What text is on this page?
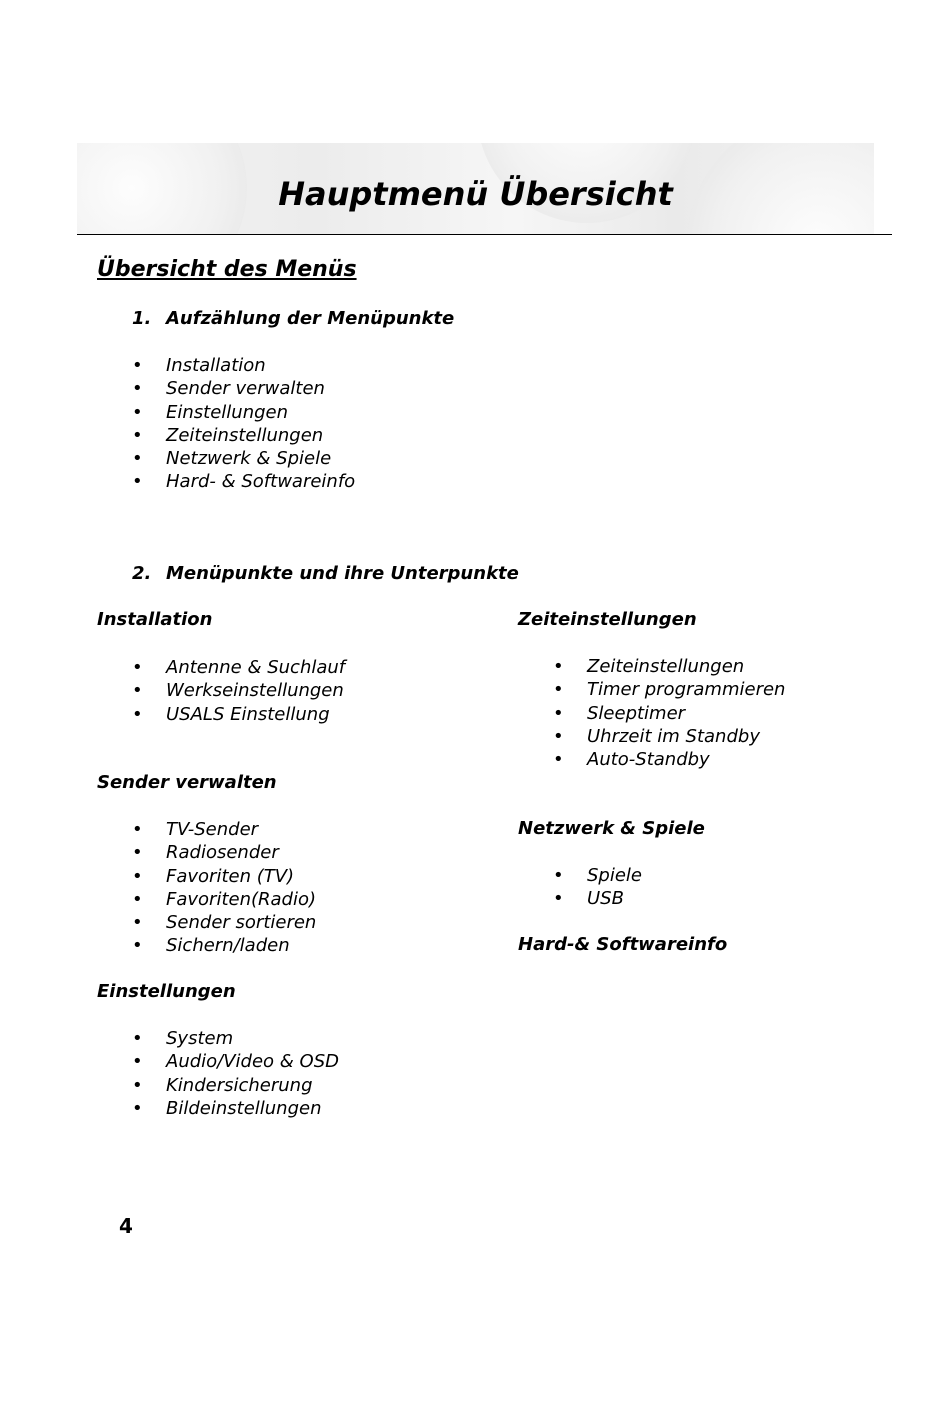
Hauptmenü Übersicht
Übersicht des Menüs
1. Aufzählung der Menüpunkte
• Installation
• Sender verwalten
• Einstellungen
• Zeiteinstellungen
• Netzwerk & Spiele
• Hard- & Softwareinfo
2. Menüpunkte und ihre Unterpunkte
Installation
• Antenne & Suchlauf
• Werkseinstellungen
• USALS Einstellung
Sender verwalten
• TV-Sender
• Radiosender
• Favoriten (TV)
• Favoriten(Radio)
• Sender sortieren
• Sichern/laden
Einstellungen
• System
• Audio/Video & OSD
• Kindersicherung
• Bildeinstellungen
Zeiteinstellungen
• Zeiteinstellungen
• Timer programmieren
• Sleeptimer
• Uhrzeit im Standby
• Auto-Standby
Netzwerk & Spiele
• Spiele
• USB
Hard-& Softwareinfo
4
